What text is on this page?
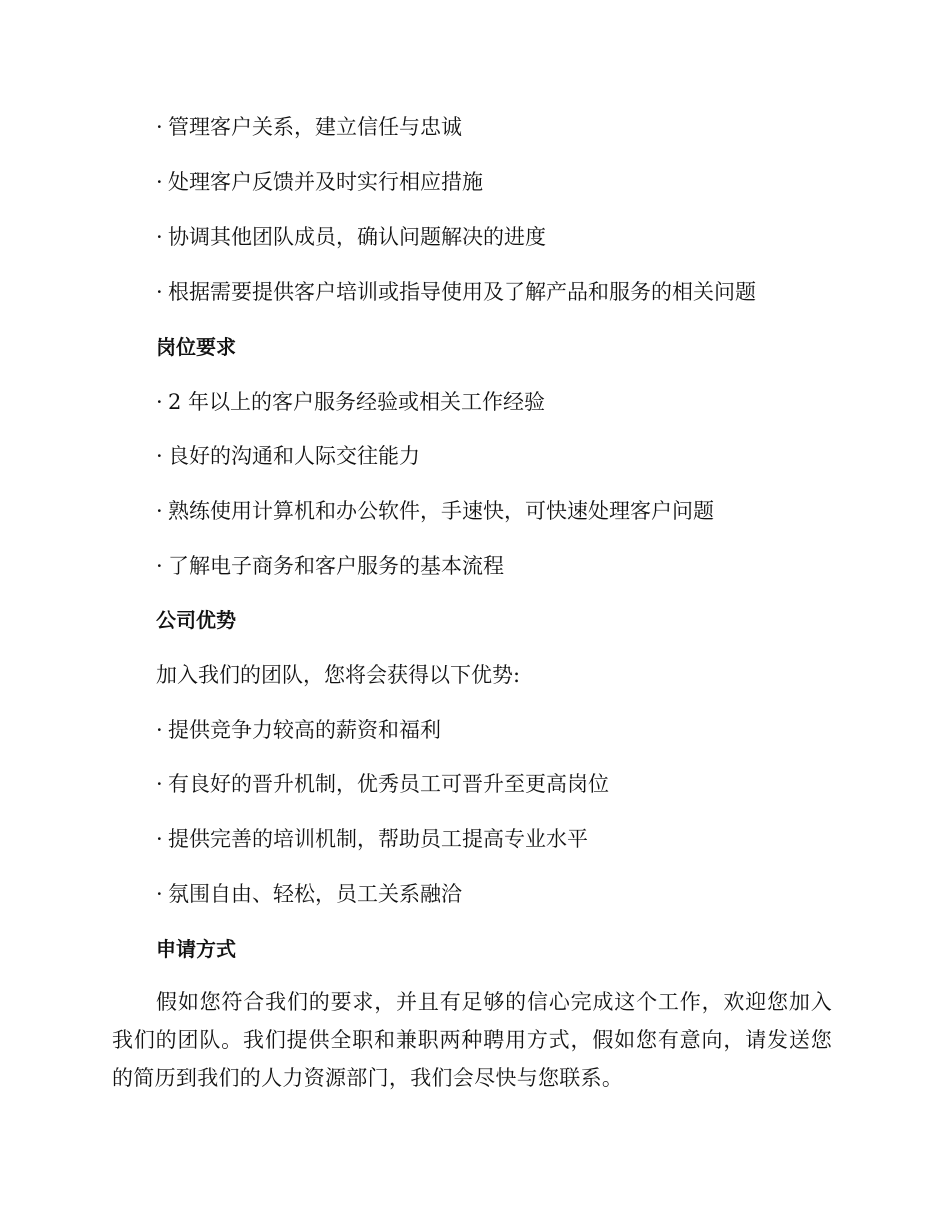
· 管理客户关系，建立信任与忠诚
· 处理客户反馈并及时实行相应措施
· 协调其他团队成员，确认问题解决的进度
· 根据需要提供客户培训或指导使用及了解产品和服务的相关问题
岗位要求
· 2 年以上的客户服务经验或相关工作经验
· 良好的沟通和人际交往能力
· 熟练使用计算机和办公软件，手速快，可快速处理客户问题
· 了解电子商务和客户服务的基本流程
公司优势
加入我们的团队，您将会获得以下优势:
· 提供竞争力较高的薪资和福利
· 有良好的晋升机制，优秀员工可晋升至更高岗位
· 提供完善的培训机制，帮助员工提高专业水平
· 氛围自由、轻松，员工关系融洽
申请方式
假如您符合我们的要求，并且有足够的信心完成这个工作，欢迎您加入我们的团队。我们提供全职和兼职两种聘用方式，假如您有意向，请发送您的简历到我们的人力资源部门，我们会尽快与您联系。
